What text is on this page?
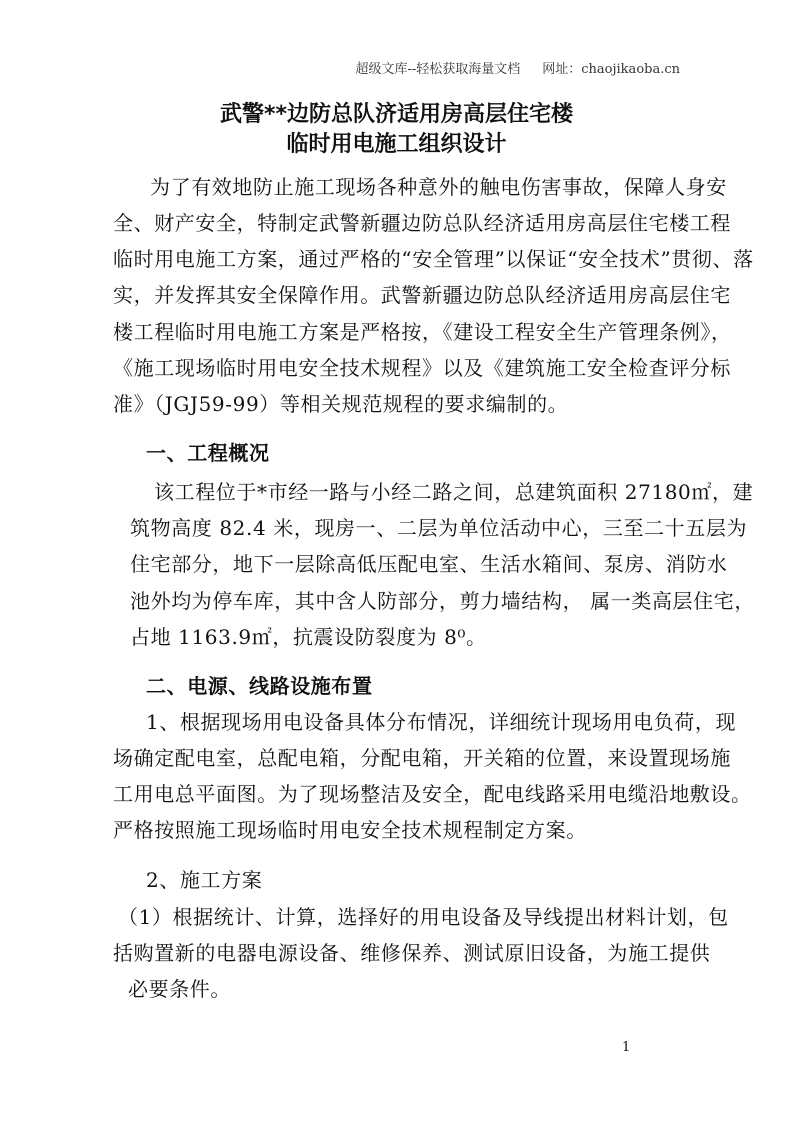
超级文库--轻松获取海量文档 网址：chaojikaoba.cn
武警**边防总队济适用房高层住宅楼
临时用电施工组织设计
为了有效地防止施工现场各种意外的触电伤害事故，保障人身安
全、财产安全，特制定武警新疆边防总队经济适用房高层住宅楼工程
临时用电施工方案，通过严格的“安全管理”以保证“安全技术”贯彻、落
实，并发挥其安全保障作用。武警新疆边防总队经济适用房高层住宅
楼工程临时用电施工方案是严格按，《建设工程安全生产管理条例》，
《施工现场临时用电安全技术规程》以及《建筑施工安全检查评分标
准》（JGJ59-99）等相关规范规程的要求编制的。
一、工程概况
该工程位于*市经一路与小经二路之间，总建筑面积 27180㎡，建
筑物高度 82.4 米，现房一、二层为单位活动中心，三至二十五层为
住宅部分，地下一层除高低压配电室、生活水箱间、泵房、消防水
池外均为停车库，其中含人防部分，剪力墙结构， 属一类高层住宅，
占地 1163.9㎡，抗震设防裂度为 8⁰。
二、电源、线路设施布置
1、根据现场用电设备具体分布情况，详细统计现场用电负荷，现
场确定配电室，总配电箱，分配电箱，开关箱的位置，来设置现场施
工用电总平面图。为了现场整洁及安全，配电线路采用电缆沿地敷设。
严格按照施工现场临时用电安全技术规程制定方案。
2、施工方案
（1）根据统计、计算，选择好的用电设备及导线提出材料计划，包
括购置新的电器电源设备、维修保养、测试原旧设备，为施工提供
必要条件。
1
